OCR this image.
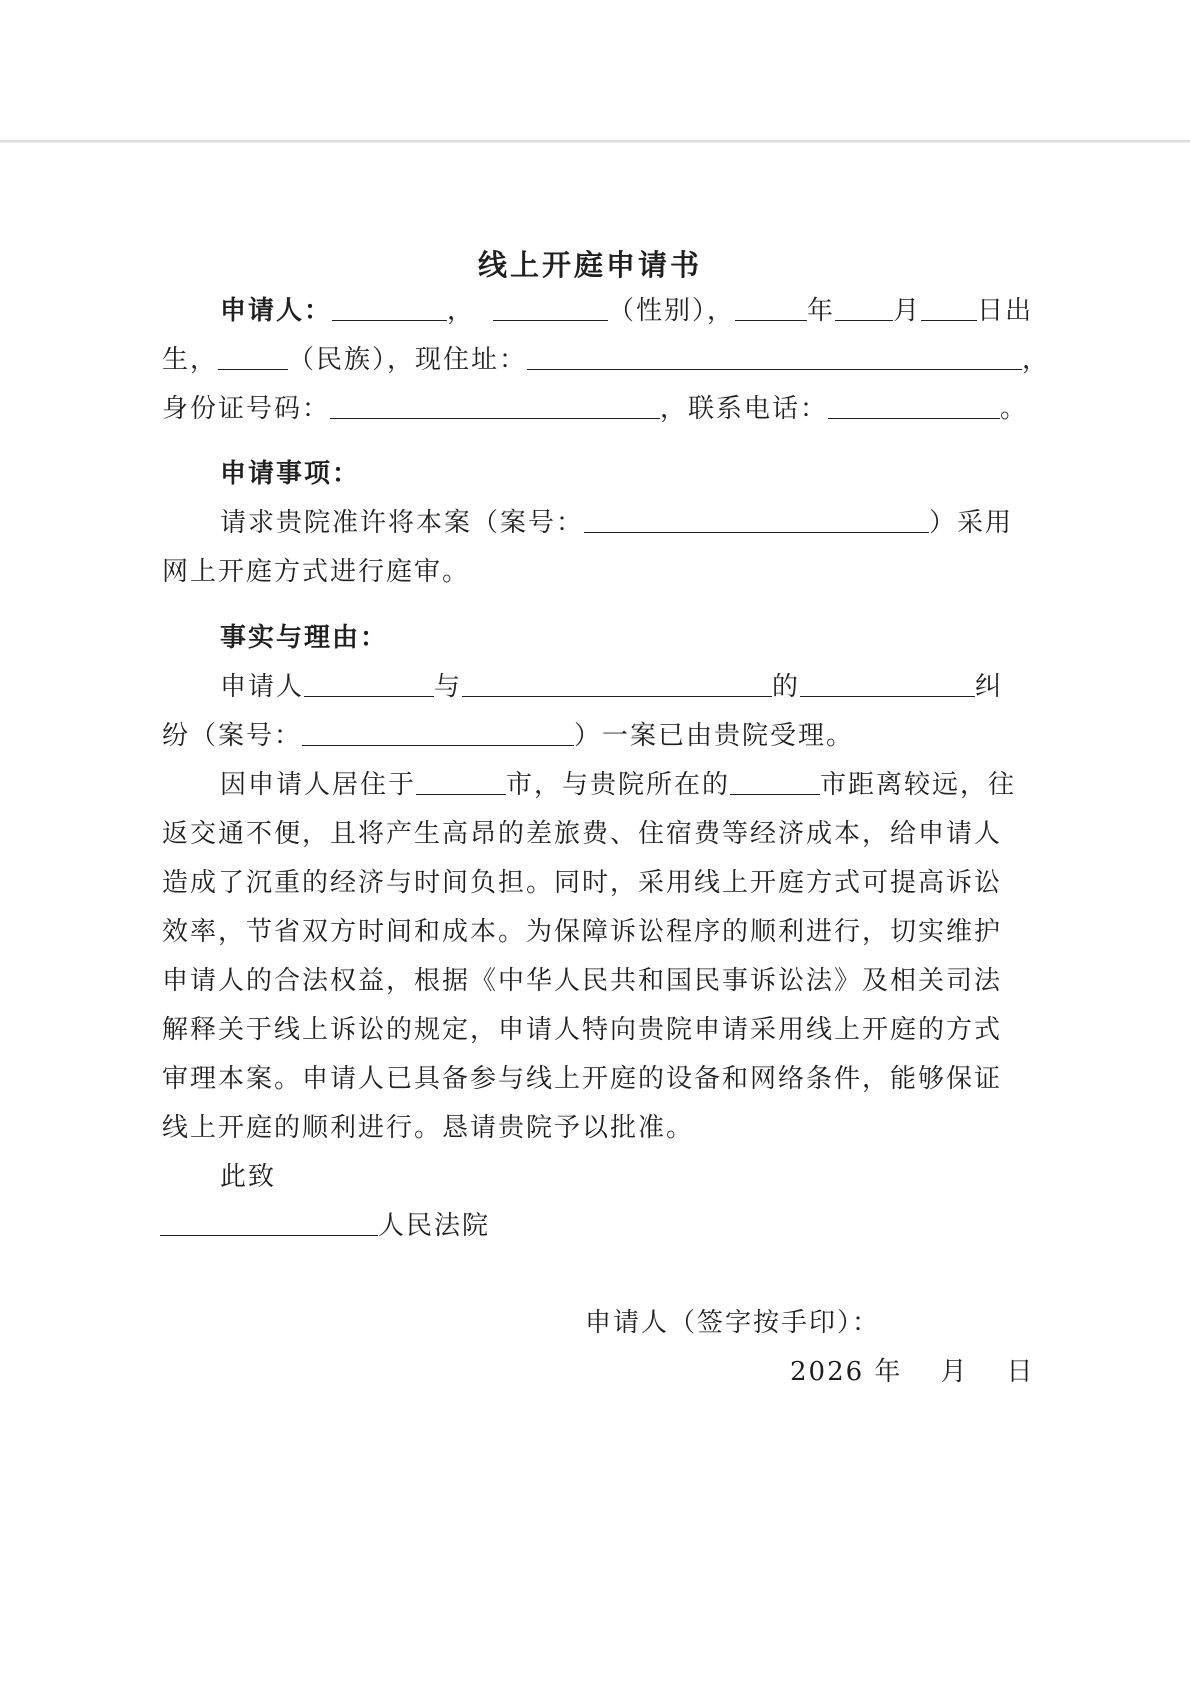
线上开庭申请书
申请人：	，	（性别），	年 月 日出
生，	（民族），现住址：	，
身份证号码：	，联系电话：	。
申请事项：
请求贵院准许将本案（案号：	）采用
网上开庭方式进行庭审。
事实与理由：
申请人	与	的	纠
纷（案号：	）一案已由贵院受理。
因申请人居住于	市，与贵院所在的	市距离较远，往
返交通不便，且将产生高昂的差旅费、住宿费等经济成本，给申请人
造成了沉重的经济与时间负担。同时，采用线上开庭方式可提高诉讼
效率，节省双方时间和成本。为保障诉讼程序的顺利进行，切实维护
申请人的合法权益，根据《中华人民共和国民事诉讼法》及相关司法
解释关于线上诉讼的规定，申请人特向贵院申请采用线上开庭的方式
审理本案。申请人已具备参与线上开庭的设备和网络条件，能够保证
线上开庭的顺利进行。恳请贵院予以批准。
此致
人民法院
申请人（签字按手印）：
2026 年 月 日
